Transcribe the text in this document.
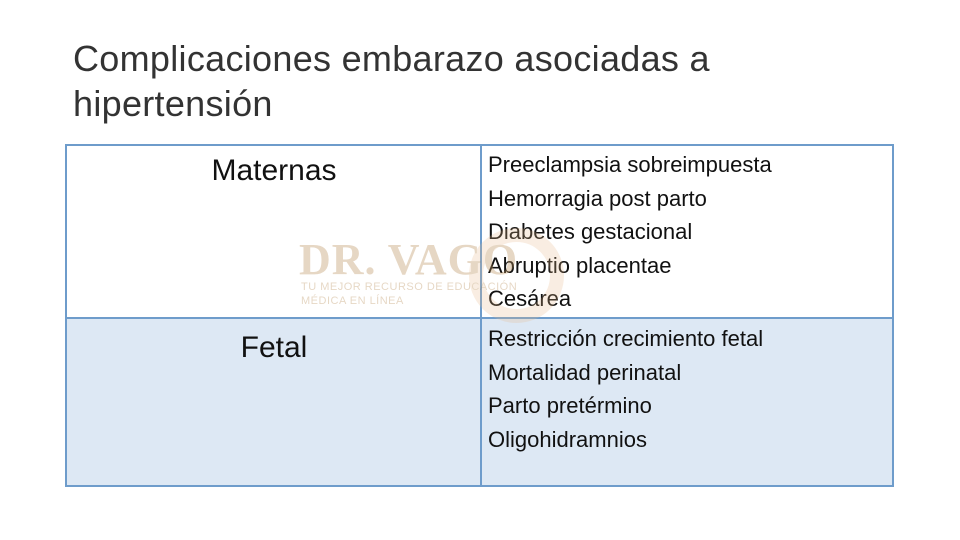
Complicaciones embarazo asociadas a hipertensión
Maternas	Preeclampsia sobreimpuesta
Hemorragia post parto
Diabetes gestacional
Abruptio placentae
Cesárea
Fetal	Restricción crecimiento fetal
Mortalidad perinatal
Parto pretérmino
Oligohidramnios
DR. VAGO
TU MEJOR RECURSO DE EDUCACIÓN
MÉDICA EN LÍNEA
